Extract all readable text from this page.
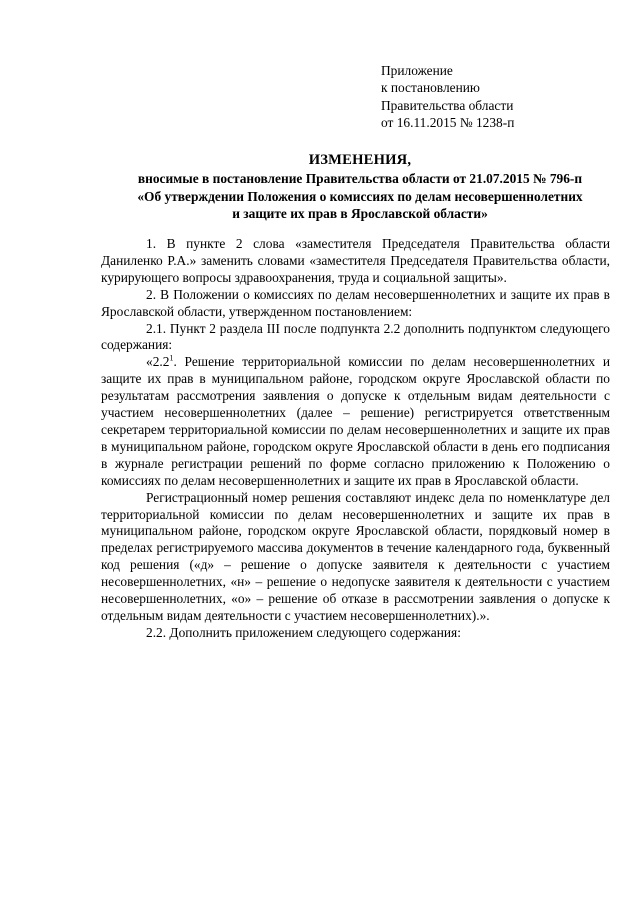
Приложение
к постановлению
Правительства области
от 16.11.2015 № 1238-п
ИЗМЕНЕНИЯ,
вносимые в постановление Правительства области от 21.07.2015 № 796-п
«Об утверждении Положения о комиссиях по делам несовершеннолетних
и защите их прав в Ярославской области»

1. В пункте 2 слова «заместителя Председателя Правительства области Даниленко Р.А.» заменить словами «заместителя Председателя Правительства области, курирующего вопросы здравоохранения, труда и социальной защиты».

2. В Положении о комиссиях по делам несовершеннолетних и защите их прав в Ярославской области, утвержденном постановлением:

2.1. Пункт 2 раздела III после подпункта 2.2 дополнить подпунктом следующего содержания:

«$2.2^1$. Решение территориальной комиссии по делам несовершеннолетних и защите их прав в муниципальном районе, городском округе Ярославской области по результатам рассмотрения заявления о допуске к отдельным видам деятельности с участием несовершеннолетних (далее – решение) регистрируется ответственным секретарем территориальной комиссии по делам несовершеннолетних и защите их прав в муниципальном районе, городском округе Ярославской области в день его подписания в журнале регистрации решений по форме согласно приложению к Положению о комиссиях по делам несовершеннолетних и защите их прав в Ярославской области.

Регистрационный номер решения составляют индекс дела по номенклатуре дел территориальной комиссии по делам несовершеннолетних и защите их прав в муниципальном районе, городском округе Ярославской области, порядковый номер в пределах регистрируемого массива документов в течение календарного года, буквенный код решения («д» – решение о допуске заявителя к деятельности с участием несовершеннолетних, «н» – решение о недопуске заявителя к деятельности с участием несовершеннолетних, «о» – решение об отказе в рассмотрении заявления о допуске к отдельным видам деятельности с участием несовершеннолетних).».

2.2. Дополнить приложением следующего содержания:
